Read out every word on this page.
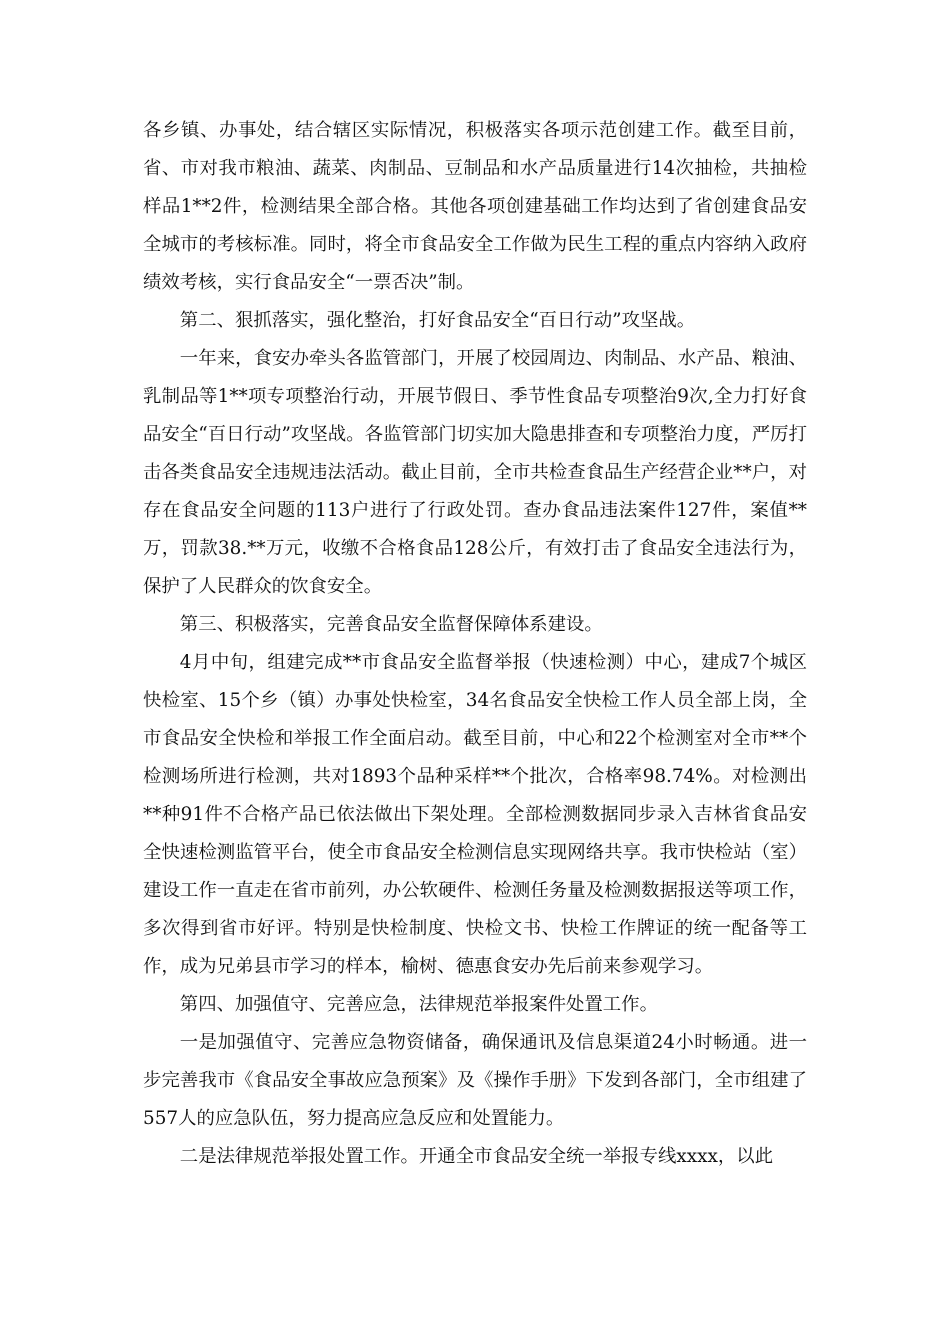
各乡镇、办事处，结合辖区实际情况，积极落实各项示范创建工作。截至目前，省、市对我市粮油、蔬菜、肉制品、豆制品和水产品质量进行14次抽检，共抽检样品1**2件，检测结果全部合格。其他各项创建基础工作均达到了省创建食品安全城市的考核标准。同时，将全市食品安全工作做为民生工程的重点内容纳入政府绩效考核，实行食品安全“一票否决”制。

第二、狠抓落实，强化整治，打好食品安全“百日行动”攻坚战。

一年来，食安办牵头各监管部门，开展了校园周边、肉制品、水产品、粮油、乳制品等1**项专项整治行动，开展节假日、季节性食品专项整治9次,全力打好食品安全“百日行动”攻坚战。各监管部门切实加大隐患排查和专项整治力度，严厉打击各类食品安全违规违法活动。截止目前，全市共检查食品生产经营企业**户，对存在食品安全问题的113户进行了行政处罚。查办食品违法案件127件，案值**万，罚款38.**万元，收缴不合格食品128公斤，有效打击了食品安全违法行为，保护了人民群众的饮食安全。

第三、积极落实，完善食品安全监督保障体系建设。

4月中旬，组建完成**市食品安全监督举报（快速检测）中心，建成7个城区快检室、15个乡（镇）办事处快检室，34名食品安全快检工作人员全部上岗，全市食品安全快检和举报工作全面启动。截至目前，中心和22个检测室对全市**个检测场所进行检测，共对1893个品种采样**个批次，合格率98.74%。对检测出**种91件不合格产品已依法做出下架处理。全部检测数据同步录入吉林省食品安全快速检测监管平台，使全市食品安全检测信息实现网络共享。我市快检站（室）建设工作一直走在省市前列，办公软硬件、检测任务量及检测数据报送等项工作，多次得到省市好评。特别是快检制度、快检文书、快检工作牌证的统一配备等工作，成为兄弟县市学习的样本，榆树、德惠食安办先后前来参观学习。

第四、加强值守、完善应急，法律规范举报案件处置工作。

一是加强值守、完善应急物资储备，确保通讯及信息渠道24小时畅通。进一步完善我市《食品安全事故应急预案》及《操作手册》下发到各部门，全市组建了557人的应急队伍，努力提高应急反应和处置能力。

二是法律规范举报处置工作。开通全市食品安全统一举报专线xxxx，以此
